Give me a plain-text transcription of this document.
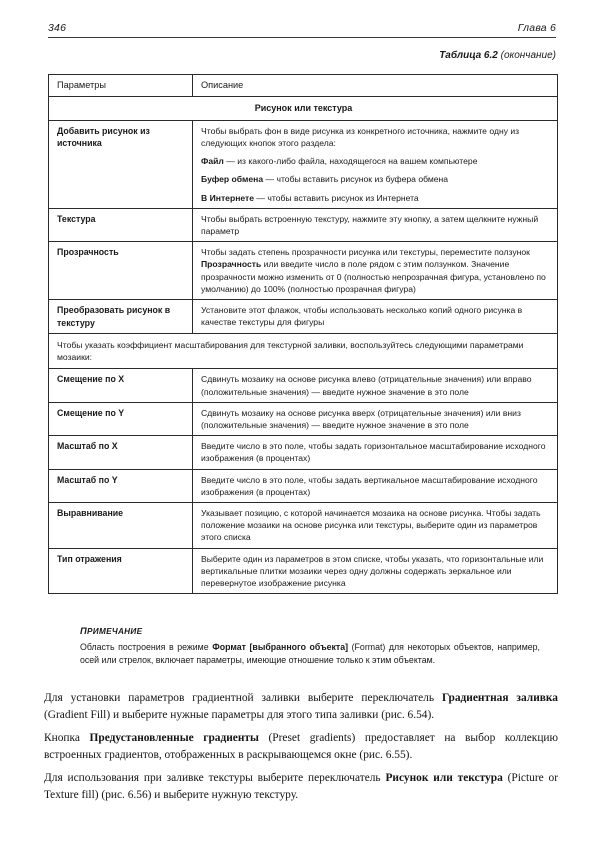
346	Глава 6
Таблица 6.2 (окончание)
Параметры	Описание
Рисунок или текстура	
Добавить рисунок из источника	Чтобы выбрать фон в виде рисунка из конкретного источника, нажмите одну из следующих кнопок этого раздела:

Файл — из какого-либо файла, находящегося на вашем компьютере

Буфер обмена — чтобы вставить рисунок из буфера обмена

В Интернете — чтобы вставить рисунок из Интернета

Текстура	Чтобы выбрать встроенную текстуру, нажмите эту кнопку, а затем щелкните нужный параметр

Прозрачность	Чтобы задать степень прозрачности рисунка или текстуры, переместите ползунок Прозрачность или введите число в поле рядом с этим ползунком. Значение прозрачности можно изменить от 0 (полностью непрозрачная фигура, установлено по умолчанию) до 100% (полностью прозрачная фигура)

Преобразовать рисунок в текстуру	Установите этот флажок, чтобы использовать несколько копий одного рисунка в качестве текстуры для фигуры

Чтобы указать коэффициент масштабирования для текстурной заливки, воспользуйтесь следующими параметрами мозаики:	
Смещение по X	Сдвинуть мозаику на основе рисунка влево (отрицательные значения) или вправо (положительные значения) — введите нужное значение в это поле

Смещение по Y	Сдвинуть мозаику на основе рисунка вверх (отрицательные значения) или вниз (положительные значения) — введите нужное значение в это поле

Масштаб по X	Введите число в это поле, чтобы задать горизонтальное масштабирование исходного изображения (в процентах)

Масштаб по Y	Введите число в это поле, чтобы задать вертикальное масштабирование исходного изображения (в процентах)

Выравнивание	Указывает позицию, с которой начинается мозаика на основе рисунка. Чтобы задать положение мозаики на основе рисунка или текстуры, выберите один из параметров этого списка

Тип отражения	Выберите один из параметров в этом списке, чтобы указать, что горизонтальные или вертикальные плитки мозаики через одну должны содержать зеркальное или перевернутое изображение рисунка

ПРИМЕЧАНИЕ
Область построения в режиме Формат [выбранного объекта] (Format) для некоторых объектов, например, осей или стрелок, включает параметры, имеющие отношение только к этим объектам.

Для установки параметров градиентной заливки выберите переключатель Градиентная заливка (Gradient Fill) и выберите нужные параметры для этого типа заливки (рис. 6.54).

Кнопка Предустановленные градиенты (Preset gradients) предоставляет на выбор коллекцию встроенных градиентов, отображенных в раскрывающемся окне (рис. 6.55).

Для использования при заливке текстуры выберите переключатель Рисунок или текстура (Picture or Texture fill) (рис. 6.56) и выберите нужную текстуру.
